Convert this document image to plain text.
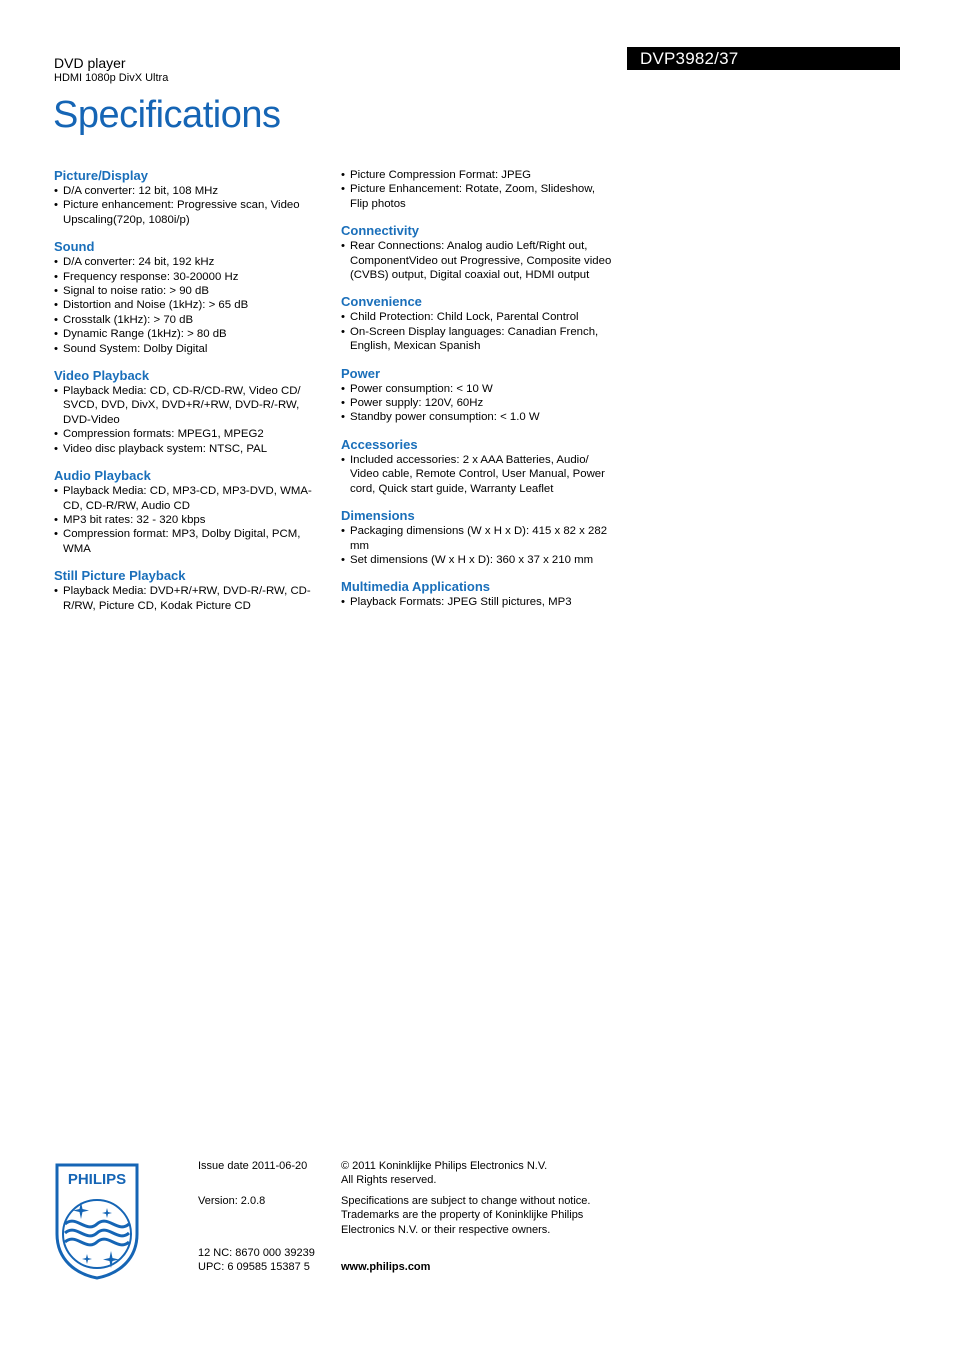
DVD player
HDMI 1080p DivX Ultra
Specifications
DVP3982/37
Picture/Display
• D/A converter: 12 bit, 108 MHz
• Picture enhancement: Progressive scan, Video Upscaling(720p, 1080i/p)
Sound
• D/A converter: 24 bit, 192 kHz
• Frequency response: 30-20000 Hz
• Signal to noise ratio: > 90 dB
• Distortion and Noise (1kHz): > 65 dB
• Crosstalk (1kHz): > 70 dB
• Dynamic Range (1kHz): > 80 dB
• Sound System: Dolby Digital
Video Playback
• Playback Media: CD, CD-R/CD-RW, Video CD/ SVCD, DVD, DivX, DVD+R/+RW, DVD-R/-RW, DVD-Video
• Compression formats: MPEG1, MPEG2
• Video disc playback system: NTSC, PAL
Audio Playback
• Playback Media: CD, MP3-CD, MP3-DVD, WMA-CD, CD-R/RW, Audio CD
• MP3 bit rates: 32 - 320 kbps
• Compression format: MP3, Dolby Digital, PCM, WMA
Still Picture Playback
• Playback Media: DVD+R/+RW, DVD-R/-RW, CD-R/RW, Picture CD, Kodak Picture CD
• Picture Compression Format: JPEG
• Picture Enhancement: Rotate, Zoom, Slideshow, Flip photos
Connectivity
• Rear Connections: Analog audio Left/Right out, ComponentVideo out Progressive, Composite video (CVBS) output, Digital coaxial out, HDMI output
Convenience
• Child Protection: Child Lock, Parental Control
• On-Screen Display languages: Canadian French, English, Mexican Spanish
Power
• Power consumption: < 10 W
• Power supply: 120V, 60Hz
• Standby power consumption: < 1.0 W
Accessories
• Included accessories: 2 x AAA Batteries, Audio/ Video cable, Remote Control, User Manual, Power cord, Quick start guide, Warranty Leaflet
Dimensions
• Packaging dimensions (W x H x D): 415 x 82 x 282 mm
• Set dimensions (W x H x D): 360 x 37 x 210 mm
Multimedia Applications
• Playback Formats: JPEG Still pictures, MP3
PHILIPS
Issue date 2011-06-20
Version: 2.0.8
12 NC: 8670 000 39239
UPC: 6 09585 15387 5
© 2011 Koninklijke Philips Electronics N.V.
All Rights reserved.
Specifications are subject to change without notice.
Trademarks are the property of Koninklijke Philips
Electronics N.V. or their respective owners.
www.philips.com
